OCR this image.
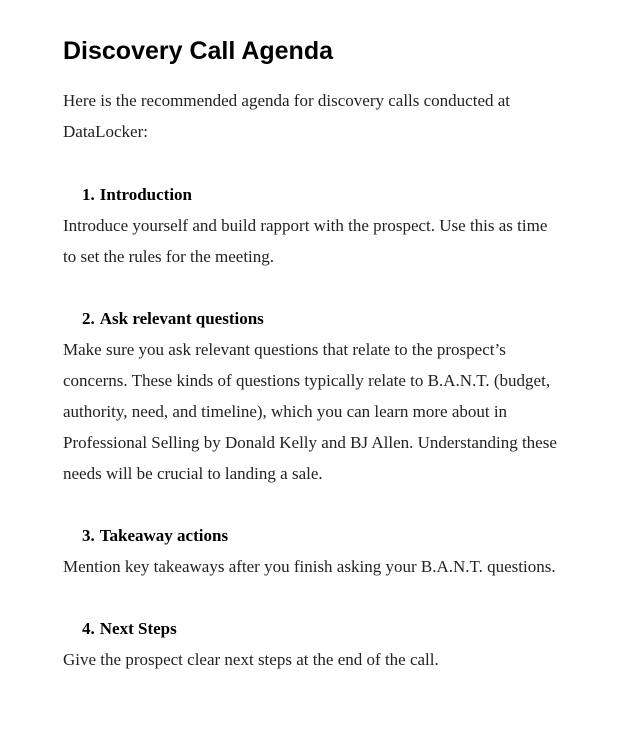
Discovery Call Agenda

Here is the recommended agenda for discovery calls conducted at DataLocker:

1. Introduction

Introduce yourself and build rapport with the prospect. Use this as time to set the rules for the meeting.

2. Ask relevant questions

Make sure you ask relevant questions that relate to the prospect’s concerns. These kinds of questions typically relate to B.A.N.T. (budget, authority, need, and timeline), which you can learn more about in Professional Selling by Donald Kelly and BJ Allen. Understanding these needs will be crucial to landing a sale.

3. Takeaway actions

Mention key takeaways after you finish asking your B.A.N.T. questions.

4. Next Steps

Give the prospect clear next steps at the end of the call.
